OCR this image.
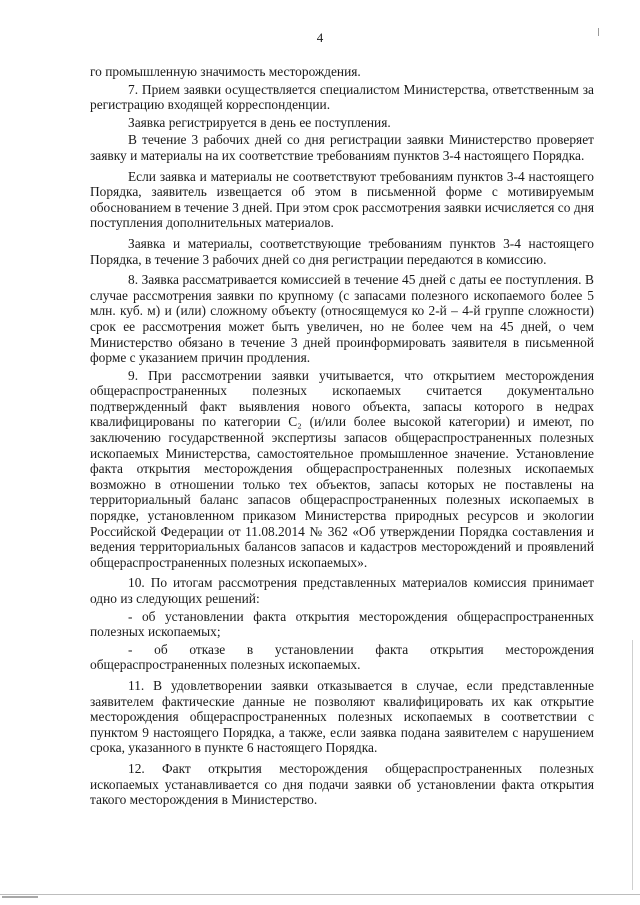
4

го промышленную значимость месторождения.

7. Прием заявки осуществляется специалистом Министерства, ответственным за регистрацию входящей корреспонденции.

Заявка регистрируется в день ее поступления.

В течение 3 рабочих дней со дня регистрации заявки Министерство проверяет заявку и материалы на их соответствие требованиям пунктов 3-4 настоящего Порядка.

Если заявка и материалы не соответствуют требованиям пунктов 3-4 настоящего Порядка, заявитель извещается об этом в письменной форме с мотивируемым обоснованием в течение 3 дней. При этом срок рассмотрения заявки исчисляется со дня поступления дополнительных материалов.

Заявка и материалы, соответствующие требованиям пунктов 3-4 настоящего Порядка, в течение 3 рабочих дней со дня регистрации передаются в комиссию.

8. Заявка рассматривается комиссией в течение 45 дней с даты ее поступления. В случае рассмотрения заявки по крупному (с запасами полезного ископаемого более 5 млн. куб. м) и (или) сложному объекту (относящемуся ко 2-й – 4-й группе сложности) срок ее рассмотрения может быть увеличен, но не более чем на 45 дней, о чем Министерство обязано в течение 3 дней проинформировать заявителя в письменной форме с указанием причин продления.

9. При рассмотрении заявки учитывается, что открытием месторождения общераспространенных полезных ископаемых считается документально подтвержденный факт выявления нового объекта, запасы которого в недрах квалифицированы по категории C₂ (и/или более высокой категории) и имеют, по заключению государственной экспертизы запасов общераспространенных полезных ископаемых Министерства, самостоятельное промышленное значение. Установление факта открытия месторождения общераспространенных полезных ископаемых возможно в отношении только тех объектов, запасы которых не поставлены на территориальный баланс запасов общераспространенных полезных ископаемых в порядке, установленном приказом Министерства природных ресурсов и экологии Российской Федерации от 11.08.2014 № 362 «Об утверждении Порядка составления и ведения территориальных балансов запасов и кадастров месторождений и проявлений общераспространенных полезных ископаемых».

10. По итогам рассмотрения представленных материалов комиссия принимает одно из следующих решений:

- об установлении факта открытия месторождения общераспространенных полезных ископаемых;

- об отказе в установлении факта открытия месторождения общераспространенных полезных ископаемых.

11. В удовлетворении заявки отказывается в случае, если представленные заявителем фактические данные не позволяют квалифицировать их как открытие месторождения общераспространенных полезных ископаемых в соответствии с пунктом 9 настоящего Порядка, а также, если заявка подана заявителем с нарушением срока, указанного в пункте 6 настоящего Порядка.

12. Факт открытия месторождения общераспространенных полезных ископаемых устанавливается со дня подачи заявки об установлении факта открытия такого месторождения в Министерство.
